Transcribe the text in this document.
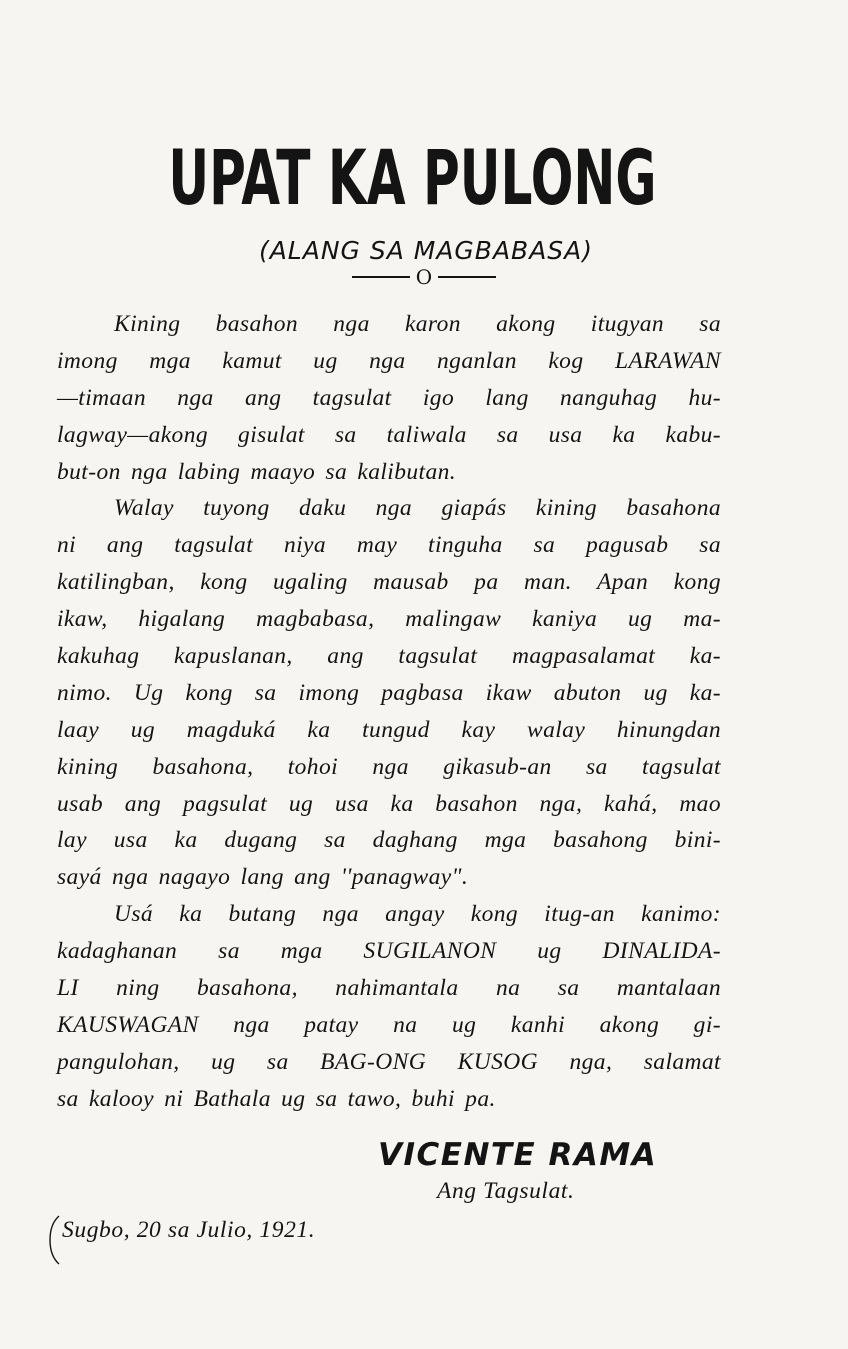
UPAT KA PULONG
(ALANG SA MAGBABASA)
O
Kining basahon nga karon akong itugyan sa
imong mga kamut ug nga nganlan kog LARAWAN
—timaan nga ang tagsulat igo lang nanguhag hu-
lagway—akong gisulat sa taliwala sa usa ka kabu-
but-on nga labing maayo sa kalibutan.
Walay tuyong daku nga giapás kining basahona
ni ang tagsulat niya may tinguha sa pagusab sa
katilingban, kong ugaling mausab pa man. Apan kong
ikaw, higalang magbabasa, malingaw kaniya ug ma-
kakuhag kapuslanan, ang tagsulat magpasalamat ka-
nimo. Ug kong sa imong pagbasa ikaw abuton ug ka-
laay ug magduká ka tungud kay walay hinungdan
kining basahona, tohoi nga gikasub-an sa tagsulat
usab ang pagsulat ug usa ka basahon nga, kahá, mao
lay usa ka dugang sa daghang mga basahong bini-
sayá nga nagayo lang ang ''panagway".
Usá ka butang nga angay kong itug-an kanimo:
kadaghanan sa mga SUGILANON ug DINALIDA-
LI ning basahona, nahimantala na sa mantalaan
KAUSWAGAN nga patay na ug kanhi akong gi-
pangulohan, ug sa BAG-ONG KUSOG nga, salamat
sa kalooy ni Bathala ug sa tawo, buhi pa.
VICENTE RAMA
Ang Tagsulat.
Sugbo, 20 sa Julio, 1921.
